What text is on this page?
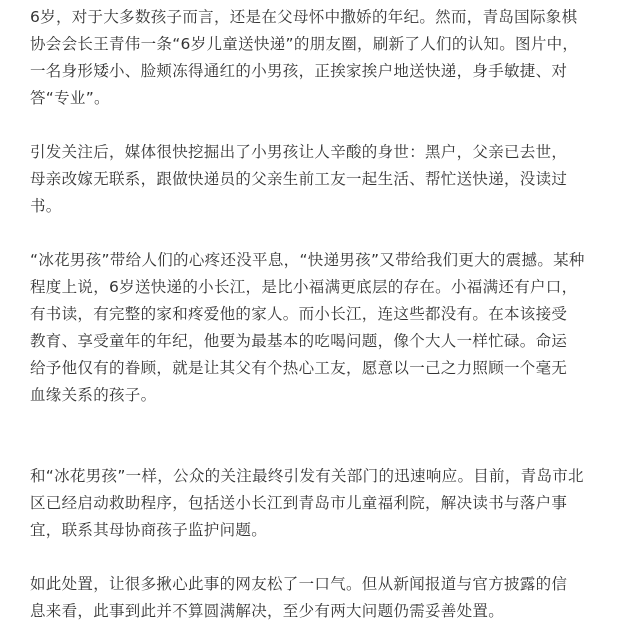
6岁，对于大多数孩子而言，还是在父母怀中撒娇的年纪。然而，青岛国际象棋
协会会长王青伟一条“6岁儿童送快递”的朋友圈，刷新了人们的认知。图片中，
一名身形矮小、脸颊冻得通红的小男孩，正挨家挨户地送快递，身手敏捷、对
答“专业”。
引发关注后，媒体很快挖掘出了小男孩让人辛酸的身世：黑户，父亲已去世，
母亲改嫁无联系，跟做快递员的父亲生前工友一起生活、帮忙送快递，没读过
书。
“冰花男孩”带给人们的心疼还没平息，“快递男孩”又带给我们更大的震撼。某种
程度上说，6岁送快递的小长江，是比小福满更底层的存在。小福满还有户口，
有书读，有完整的家和疼爱他的家人。而小长江，连这些都没有。在本该接受
教育、享受童年的年纪，他要为最基本的吃喝问题，像个大人一样忙碌。命运
给予他仅有的眷顾，就是让其父有个热心工友，愿意以一己之力照顾一个毫无
血缘关系的孩子。
和“冰花男孩”一样，公众的关注最终引发有关部门的迅速响应。目前，青岛市北
区已经启动救助程序，包括送小长江到青岛市儿童福利院，解决读书与落户事
宜，联系其母协商孩子监护问题。
如此处置，让很多揪心此事的网友松了一口气。但从新闻报道与官方披露的信
息来看，此事到此并不算圆满解决，至少有两大问题仍需妥善处置。
